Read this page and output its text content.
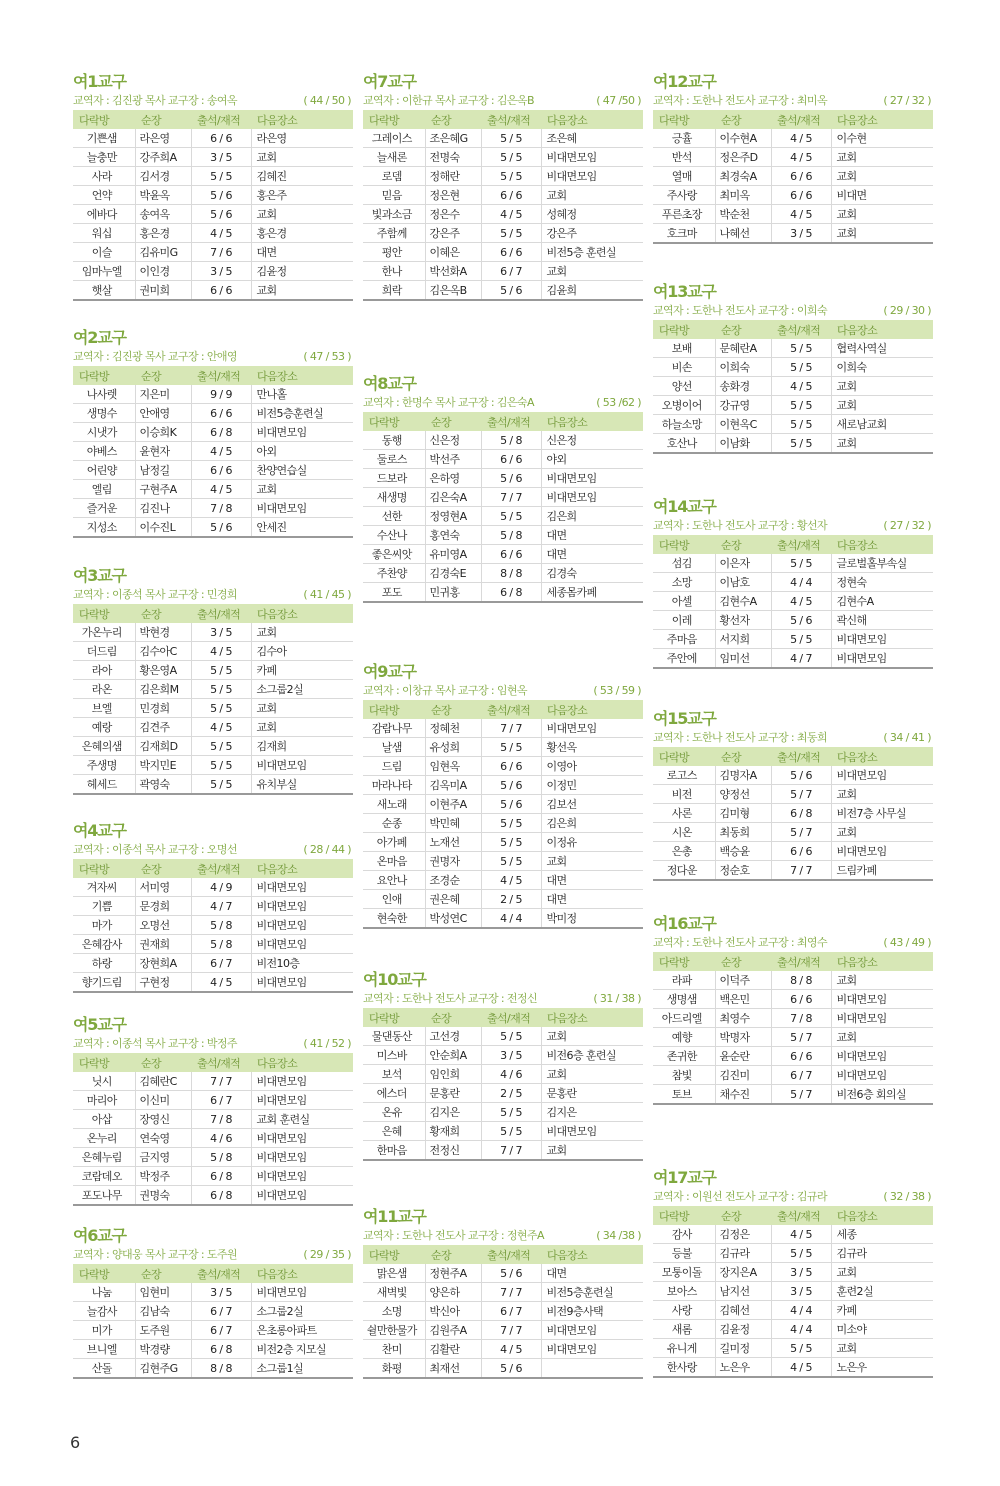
여1교구
교역자 : 김진광 목사 교구장 : 송여옥	( 44 / 50 )
다락방	순장	출석/재적	다음장소
기쁜샘	라은영	6 / 6	라은영
늘충만	강주희A	3 / 5	교회
사라	김서경	5 / 5	김혜진
언약	박윤옥	5 / 6	홍은주
에바다	송여옥	5 / 6	교회
워십	홍은경	4 / 5	홍은경
이슬	김유미G	7 / 6	대면
임마누엘	이인경	3 / 5	김윤정
햇살	권미희	6 / 6	교회
여2교구
교역자 : 김진광 목사 교구장 : 안애영	( 47 / 53 )
다락방	순장	출석/재적	다음장소
나사렛	지은미	9 / 9	만나홀
생명수	안애영	6 / 6	비전5층훈련실
시냇가	이승희K	6 / 8	비대면모임
야베스	윤현자	4 / 5	아외
어린양	남정길	6 / 6	찬양연습실
엘림	구현주A	4 / 5	교회
즐거운	김진나	7 / 8	비대면모임
지성소	이수진L	5 / 6	안세진
여3교구
교역자 : 이종석 목사 교구장 : 민경희	( 41 / 45 )
다락방	순장	출석/재적	다음장소
가온누리	박현경	3 / 5	교회
더드림	김수아C	4 / 5	김수아
라아	황은영A	5 / 5	카페
라온	김은희M	5 / 5	소그룹2실
브엘	민경희	5 / 5	교회
예랑	김견주	4 / 5	교회
은혜의샘	김재희D	5 / 5	김재희
주생명	박지민E	5 / 5	비대면모임
헤세드	곽영숙	5 / 5	유치부실
여4교구
교역자 : 이종석 목사 교구장 : 오명선	( 28 / 44 )
다락방	순장	출석/재적	다음장소
겨자씨	서미영	4 / 9	비대면모임
기쁨	문경희	4 / 7	비대면모임
마가	오명선	5 / 8	비대면모임
은혜감사	권재희	5 / 8	비대면모임
하랑	장현희A	6 / 7	비전10층
향기드림	구현정	4 / 5	비대면모임
여5교구
교역자 : 이종석 목사 교구장 : 박정주	( 41 / 52 )
다락방	순장	출석/재적	다음장소
닛시	김혜란C	7 / 7	비대면모임
마리아	이신미	6 / 7	비대면모임
아삽	장영신	7 / 8	교회 훈련실
온누리	연숙영	4 / 6	비대면모임
은혜누림	금지영	5 / 8	비대면모임
코람데오	박정주	6 / 8	비대면모임
포도나무	권명숙	6 / 8	비대면모임
여6교구
교역자 : 양대웅 목사 교구장 : 도주원	( 29 / 35 )
다락방	순장	출석/재적	다음장소
나눔	임현미	3 / 5	비대면모임
늘감사	김남숙	6 / 7	소그룹2실
미가	도주원	6 / 7	은초롱아파트
브니엘	박경량	6 / 8	비전2층 지모실
산돌	김현주G	8 / 8	소그룹1실
여7교구
교역자 : 이한규 목사 교구장 : 김은옥B	( 47 /50 )
다락방	순장	출석/재적	다음장소
그레이스	조은혜G	5 / 5	조은혜
늘새론	전명숙	5 / 5	비대면모임
로뎀	정해란	5 / 5	비대면모임
믿음	정은현	6 / 6	교회
빛과소금	정은수	4 / 5	성혜정
주함께	강은주	5 / 5	강은주
평안	이혜은	6 / 6	비전5층 훈련실
한나	박선화A	6 / 7	교회
희락	김은옥B	5 / 6	김윤희
여8교구
교역자 : 한명수 목사 교구장 : 김은숙A	( 53 /62 )
다락방	순장	출석/재적	다음장소
동행	신은정	5 / 8	신은정
둘로스	박선주	6 / 6	야외
드보라	은하영	5 / 6	비대면모임
새생명	김은숙A	7 / 7	비대면모임
선한	정영현A	5 / 5	김은희
수산나	홍연숙	5 / 8	대면
좋은씨앗	유미영A	6 / 6	대면
주찬양	김경숙E	8 / 8	김경숙
포도	민귀홍	6 / 8	세종몸카페
여9교구
교역자 : 이창규 목사 교구장 : 임현옥	( 53 / 59 )
다락방	순장	출석/재적	다음장소
감람나무	정혜천	7 / 7	비대면모임
날샘	유성희	5 / 5	황선옥
드림	임현옥	6 / 6	이영아
마라나타	김옥미A	5 / 6	이정민
새노래	이현주A	5 / 6	김보선
순종	박민혜	5 / 5	김은희
아가페	노재선	5 / 5	이정유
온마음	권명자	5 / 5	교회
요안나	조경순	4 / 5	대면
인애	권은혜	2 / 5	대면
현숙한	박성연C	4 / 4	박미정
여10교구
교역자 : 도한나 전도사 교구장 : 전정신	( 31 / 38 )
다락방	순장	출석/재적	다음장소
물댄동산	고선경	5 / 5	교회
미스바	안순희A	3 / 5	비전6층 훈련실
보석	임인희	4 / 6	교회
에스더	문홍란	2 / 5	문홍란
온유	김지은	5 / 5	김지은
은혜	황재희	5 / 5	비대면모임
한마음	전정신	7 / 7	교회
여11교구
교역자 : 도한나 전도사 교구장 : 정현주A	( 34 /38 )
다락방	순장	출석/재적	다음장소
맑은샘	정현주A	5 / 6	대면
새벽빛	양은하	7 / 7	비전5층훈련실
소명	박신아	6 / 7	비전9층사택
쉴만한물가	김원주A	7 / 7	비대면모임
찬미	김활란	4 / 5	비대면모임
화평	최재선	5 / 6	
여12교구
교역자 : 도한나 전도사 교구장 : 최미옥	( 27 / 32 )
다락방	순장	출석/재적	다음장소
긍휼	이수현A	4 / 5	이수현
반석	정은주D	4 / 5	교회
열매	최경숙A	6 / 6	교회
주사랑	최미옥	6 / 6	비대면
푸른초장	박순천	4 / 5	교회
호크마	나혜선	3 / 5	교회
여13교구
교역자 : 도한나 전도사 교구장 : 이희숙	( 29 / 30 )
다락방	순장	출석/재적	다음장소
보배	문혜란A	5 / 5	협력사역실
비손	이희숙	5 / 5	이희숙
양선	송화경	4 / 5	교회
오병이어	강규영	5 / 5	교회
하늘소망	이현옥C	5 / 5	새로남교회
호산나	이남화	5 / 5	교회
여14교구
교역자 : 도한나 전도사 교구장 : 황선자	( 27 / 32 )
다락방	순장	출석/재적	다음장소
섬김	이은자	5 / 5	글로벌홀부속실
소망	이남호	4 / 4	정현숙
아셀	김현수A	4 / 5	김현수A
이레	황선자	5 / 6	곽신해
주마음	서지희	5 / 5	비대면모임
주안에	임미선	4 / 7	비대면모임
여15교구
교역자 : 도한나 전도사 교구장 : 최동희	( 34 / 41 )
다락방	순장	출석/재적	다음장소
로고스	김명자A	5 / 6	비대면모임
비전	양정선	5 / 7	교회
사론	김미형	6 / 8	비전7층 사무실
시온	최동희	5 / 7	교회
은총	백승윤	6 / 6	비대면모임
정다운	정순호	7 / 7	드림카페
여16교구
교역자 : 도한나 전도사 교구장 : 최영수	( 43 / 49 )
다락방	순장	출석/재적	다음장소
라파	이덕주	8 / 8	교회
생명샘	백은민	6 / 6	비대면모임
아드리엘	최영수	7 / 8	비대면모임
예향	박명자	5 / 7	교회
존귀한	윤순란	6 / 6	비대면모임
참빛	김진미	6 / 7	비대면모임
토브	채수진	5 / 7	비전6층 회의실
여17교구
교역자 : 이원선 전도사 교구장 : 김규라	( 32 / 38 )
다락방	순장	출석/재적	다음장소
감사	김정은	4 / 5	세종
등불	김규라	5 / 5	김규라
모퉁이돌	장지은A	3 / 5	교회
보아스	남지선	3 / 5	훈련2실
사랑	김혜선	4 / 4	카페
새롬	김윤정	4 / 4	미소야
유니게	길미정	5 / 5	교회
한사랑	노은우	4 / 5	노은우
6
